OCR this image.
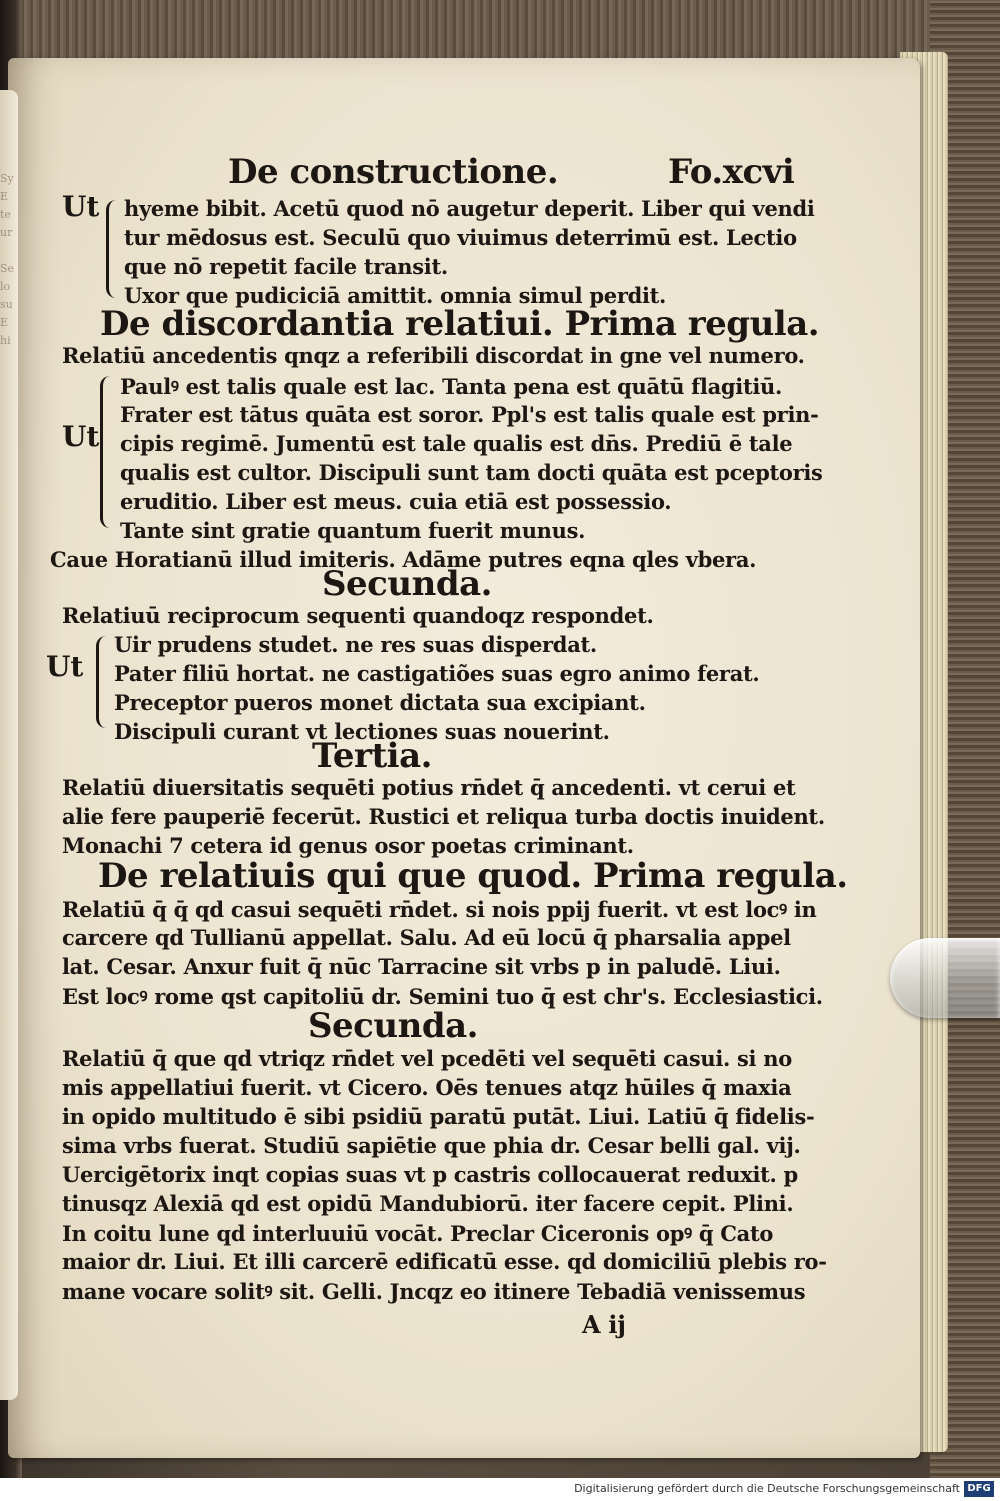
Sy
E
te
ur

Se
lo
su
E
hi
De constructione.	Fo.xcvi
Ut hyeme bibit. Acetū quod nō augetur deperit. Liber qui vendi
tur mēdosus est. Seculū quo viuimus deterrimū est. Lectio
que nō repetit facile transit.
Uxor que pudiciciā amittit. omnia simul perdit.
De discordantia relatiui. Prima regula.
Relatiū ancedentis qnqz a referibili discordat in gne vel numero.
Ut
Paulꝰ est talis quale est lac. Tanta pena est quātū flagitiū.
Frater est tātus quāta est soror. Ppl's est talis quale est prin-
cipis regimē. Jumentū est tale qualis est dn̄s. Prediū ē tale
qualis est cultor. Discipuli sunt tam docti quāta est pceptoris
eruditio. Liber est meus. cuia etiā est possessio.
Tante sint gratie quantum fuerit munus.
Caue Horatianū illud imiteris. Adāme putres eqna qles vbera.
Secunda.
Relatiuū reciprocum sequenti quandoqz respondet.
Ut
Uir prudens studet. ne res suas disperdat.
Pater filiū hortat. ne castigatiões suas egro animo ferat.
Preceptor pueros monet dictata sua excipiant.
Discipuli curant vt lectiones suas nouerint.
Tertia.
Relatiū diuersitatis sequēti potius rn̄det q̄ ancedenti. vt cerui et
alie fere pauperiē fecerūt. Rustici et reliqua turba doctis inuident.
Monachi 7 cetera id genus osor poetas criminant.
De relatiuis qui que quod. Prima regula.
Relatiū q̄ q̄ qd casui sequēti rn̄det. si nois ppij fuerit. vt est locꝰ in
carcere qd Tullianū appellat. Salu. Ad eū locū q̄ pharsalia appel
lat. Cesar. Anxur fuit q̄ nūc Tarracine sit vrbs p in paludē. Liui.
Est locꝰ rome qst capitoliū dr. Semini tuo q̄ est chr's. Ecclesiastici.
Secunda.
Relatiū q̄ que qd vtriqz rn̄det vel pcedēti vel sequēti casui. si no
mis appellatiui fuerit. vt Cicero. Oēs tenues atqz hūiles q̄ maxia
in opido multitudo ē sibi psidiū paratū putāt. Liui. Latiū q̄ fidelis-
sima vrbs fuerat. Studiū sapiētie que phia dr. Cesar belli gal. vij.
Uercigētorix inqt copias suas vt p castris collocauerat reduxit. p
tinusqz Alexiā qd est opidū Mandubiorū. iter facere cepit. Plini.
In coitu lune qd interluuiū vocāt. Preclar Ciceronis opꝰ q̄ Cato
maior dr. Liui. Et illi carcerē edificatū esse. qd domiciliū plebis ro-
mane vocare solitꝰ sit. Gelli. Jncqz eo itinere Tebadiā venissemus
A ij
Digitalisierung gefördert durch die Deutsche Forschungsgemeinschaft DFG
